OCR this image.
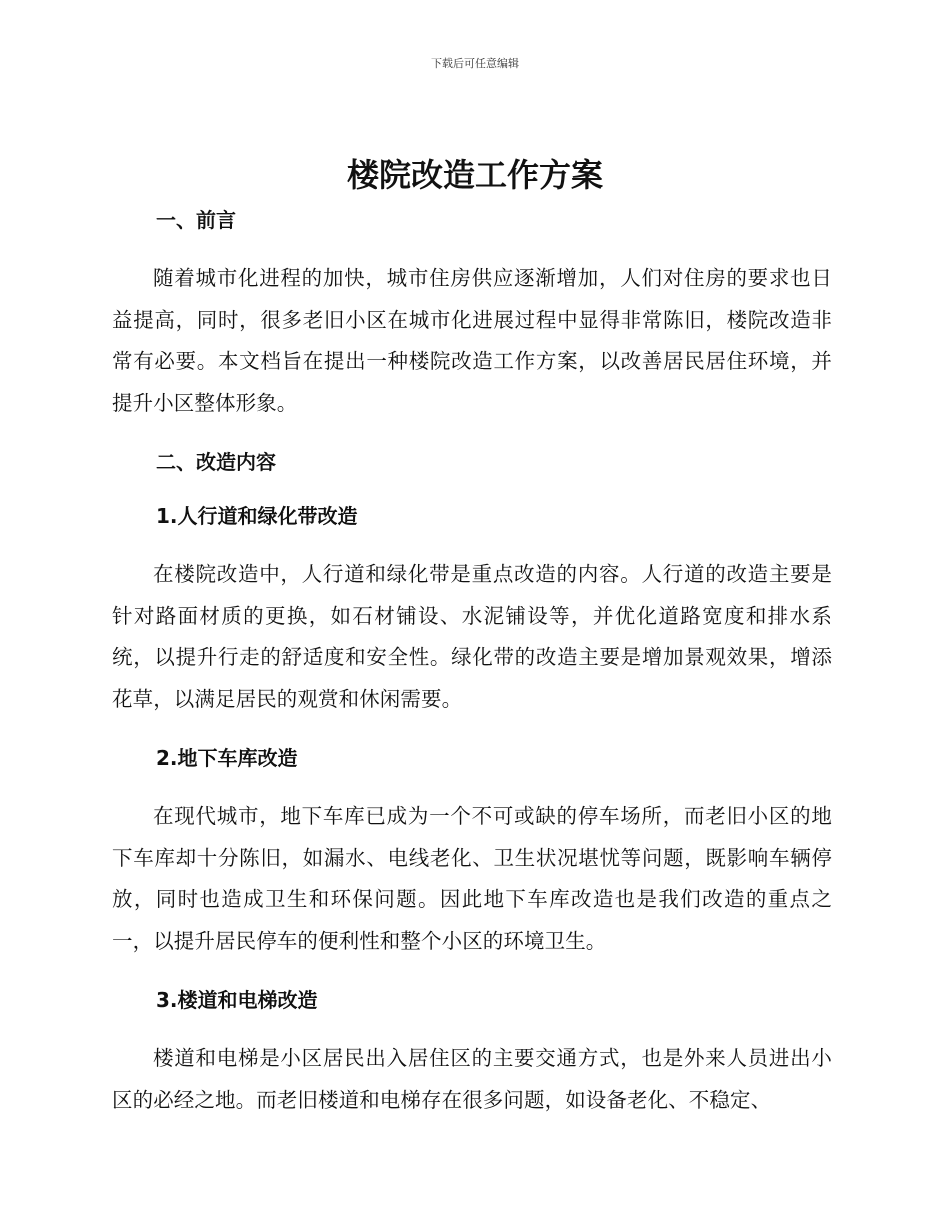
下载后可任意编辑
楼院改造工作方案
一、前言

随着城市化进程的加快，城市住房供应逐渐增加，人们对住房的要求也日益提高，同时，很多老旧小区在城市化进展过程中显得非常陈旧，楼院改造非常有必要。本文档旨在提出一种楼院改造工作方案，以改善居民居住环境，并提升小区整体形象。

二、改造内容
1.人行道和绿化带改造

在楼院改造中，人行道和绿化带是重点改造的内容。人行道的改造主要是针对路面材质的更换，如石材铺设、水泥铺设等，并优化道路宽度和排水系统，以提升行走的舒适度和安全性。绿化带的改造主要是增加景观效果，增添花草，以满足居民的观赏和休闲需要。

2.地下车库改造

在现代城市，地下车库已成为一个不可或缺的停车场所，而老旧小区的地下车库却十分陈旧，如漏水、电线老化、卫生状况堪忧等问题，既影响车辆停放，同时也造成卫生和环保问题。因此地下车库改造也是我们改造的重点之一，以提升居民停车的便利性和整个小区的环境卫生。

3.楼道和电梯改造

楼道和电梯是小区居民出入居住区的主要交通方式，也是外来人员进出小区的必经之地。而老旧楼道和电梯存在很多问题，如设备老化、不稳定、
